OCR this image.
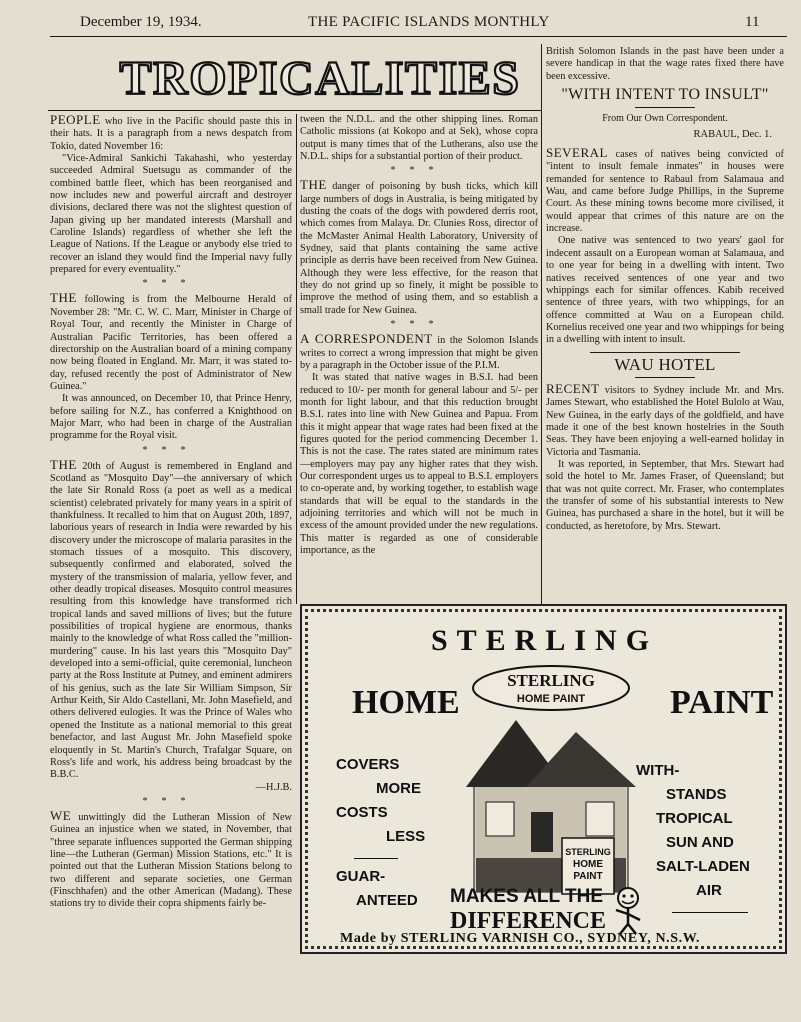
December 19, 1934.	THE PACIFIC ISLANDS MONTHLY	11
TROPICALITIES

PEOPLE who live in the Pacific should paste this in their hats. It is a paragraph from a news despatch from Tokio, dated November 16:

"Vice-Admiral Sankichi Takahashi, who yesterday succeeded Admiral Suetsugu as commander of the combined battle fleet, which has been reorganised and now includes new and powerful aircraft and destroyer divisions, declared there was not the slightest question of Japan giving up her mandated interests (Marshall and Caroline Islands) regardless of whether she left the League of Nations. If the League or anybody else tried to recover an island they would find the Imperial navy fully prepared for every eventuality."

***

THE following is from the Melbourne Herald of November 28: "Mr. C. W. C. Marr, Minister in Charge of Royal Tour, and recently the Minister in Charge of Australian Pacific Territories, has been offered a directorship on the Australian board of a mining company now being floated in England. Mr. Marr, it was stated to-day, refused recently the post of Administrator of New Guinea."

It was announced, on December 10, that Prince Henry, before sailing for N.Z., has conferred a Knighthood on Major Marr, who had been in charge of the Australian programme for the Royal visit.

***

THE 20th of August is remembered in England and Scotland as "Mosquito Day"—the anniversary of which the late Sir Ronald Ross (a poet as well as a medical scientist) celebrated privately for many years in a spirit of thankfulness. It recalled to him that on August 20th, 1897, laborious years of research in India were rewarded by his discovery under the microscope of malaria parasites in the stomach tissues of a mosquito. This discovery, subsequently confirmed and elaborated, solved the mystery of the transmission of malaria, yellow fever, and other deadly tropical diseases. Mosquito control measures resulting from this knowledge have transformed rich tropical lands and saved millions of lives; but the future possibilities of tropical hygiene are enormous, thanks mainly to the knowledge of what Ross called the "million-murdering" cause. In his last years this "Mosquito Day" developed into a semi-official, quite ceremonial, luncheon party at the Ross Institute at Putney, and eminent admirers of his genius, such as the late Sir William Simpson, Sir Arthur Keith, Sir Aldo Castellani, Mr. John Masefield, and others delivered eulogies. It was the Prince of Wales who opened the Institute as a national memorial to this great benefactor, and last August Mr. John Masefield spoke eloquently in St. Martin's Church, Trafalgar Square, on Ross's life and work, his address being broadcast by the B.B.C.

—H.J.B.
***

WE unwittingly did the Lutheran Mission of New Guinea an injustice when we stated, in November, that "three separate influences supported the German shipping line—the Lutheran (German) Mission Stations, etc." It is pointed out that the Lutheran Mission Stations belong to two different and separate societies, one German (Finschhafen) and the other American (Madang). These stations try to divide their copra shipments fairly be-

tween the N.D.L. and the other shipping lines. Roman Catholic missions (at Kokopo and at Sek), whose copra output is many times that of the Lutherans, also use the N.D.L. ships for a substantial portion of their product.

***

THE danger of poisoning by bush ticks, which kill large numbers of dogs in Australia, is being mitigated by dusting the coats of the dogs with powdered derris root, which comes from Malaya. Dr. Clunies Ross, director of the McMaster Animal Health Laboratory, University of Sydney, said that plants containing the same active principle as derris have been received from New Guinea. Although they were less effective, for the reason that they do not grind up so finely, it might be possible to improve the method of using them, and so establish a small trade for New Guinea.

***

A CORRESPONDENT in the Solomon Islands writes to correct a wrong impression that might be given by a paragraph in the October issue of the P.I.M.

It was stated that native wages in B.S.I. had been reduced to 10/- per month for general labour and 5/- per month for light labour, and that this reduction brought B.S.I. rates into line with New Guinea and Papua. From this it might appear that wage rates had been fixed at the figures quoted for the period commencing December 1. This is not the case. The rates stated are minimum rates—employers may pay any higher rates that they wish. Our correspondent urges us to appeal to B.S.I. employers to co-operate and, by working together, to establish wage standards that will be equal to the standards in the adjoining territories and which will not be much in excess of the amount provided under the new regulations. This matter is regarded as one of considerable importance, as the

British Solomon Islands in the past have been under a severe handicap in that the wage rates fixed there have been excessive.

"WITH INTENT TO INSULT"
From Our Own Correspondent.
RABAUL, Dec. 1.

SEVERAL cases of natives being convicted of "intent to insult female inmates" in houses were remanded for sentence to Rabaul from Salamaua and Wau, and came before Judge Phillips, in the Supreme Court. As these mining towns become more civilised, it would appear that crimes of this nature are on the increase.

One native was sentenced to two years' gaol for indecent assault on a European woman at Salamaua, and to one year for being in a dwelling with intent. Two natives received sentences of one year and two whippings each for similar offences. Kabib received sentence of three years, with two whippings, for an offence committed at Wau on a European child. Kornelius received one year and two whippings for being in a dwelling with intent to insult.

WAU HOTEL

RECENT visitors to Sydney include Mr. and Mrs. James Stewart, who established the Hotel Bulolo at Wau, New Guinea, in the early days of the goldfield, and have made it one of the best known hostelries in the South Seas. They have been enjoying a well-earned holiday in Victoria and Tasmania.

It was reported, in September, that Mrs. Stewart had sold the hotel to Mr. James Fraser, of Queensland; but that was not quite correct. Mr. Fraser, who contemplates the transfer of some of his substantial interests to New Guinea, has purchased a share in the hotel, but it will be conducted, as heretofore, by Mrs. Stewart.

STERLING
HOME	PAINT
STERLING
HOME PAINT
STERLING
HOME
PAINT
COVERS
MORE
COSTS
LESS
GUAR-
ANTEED
WITH-
STANDS
TROPICAL
SUN AND
SALT-LADEN
AIR
MAKES ALL THE
DIFFERENCE
Made by STERLING VARNISH CO., SYDNEY, N.S.W.
